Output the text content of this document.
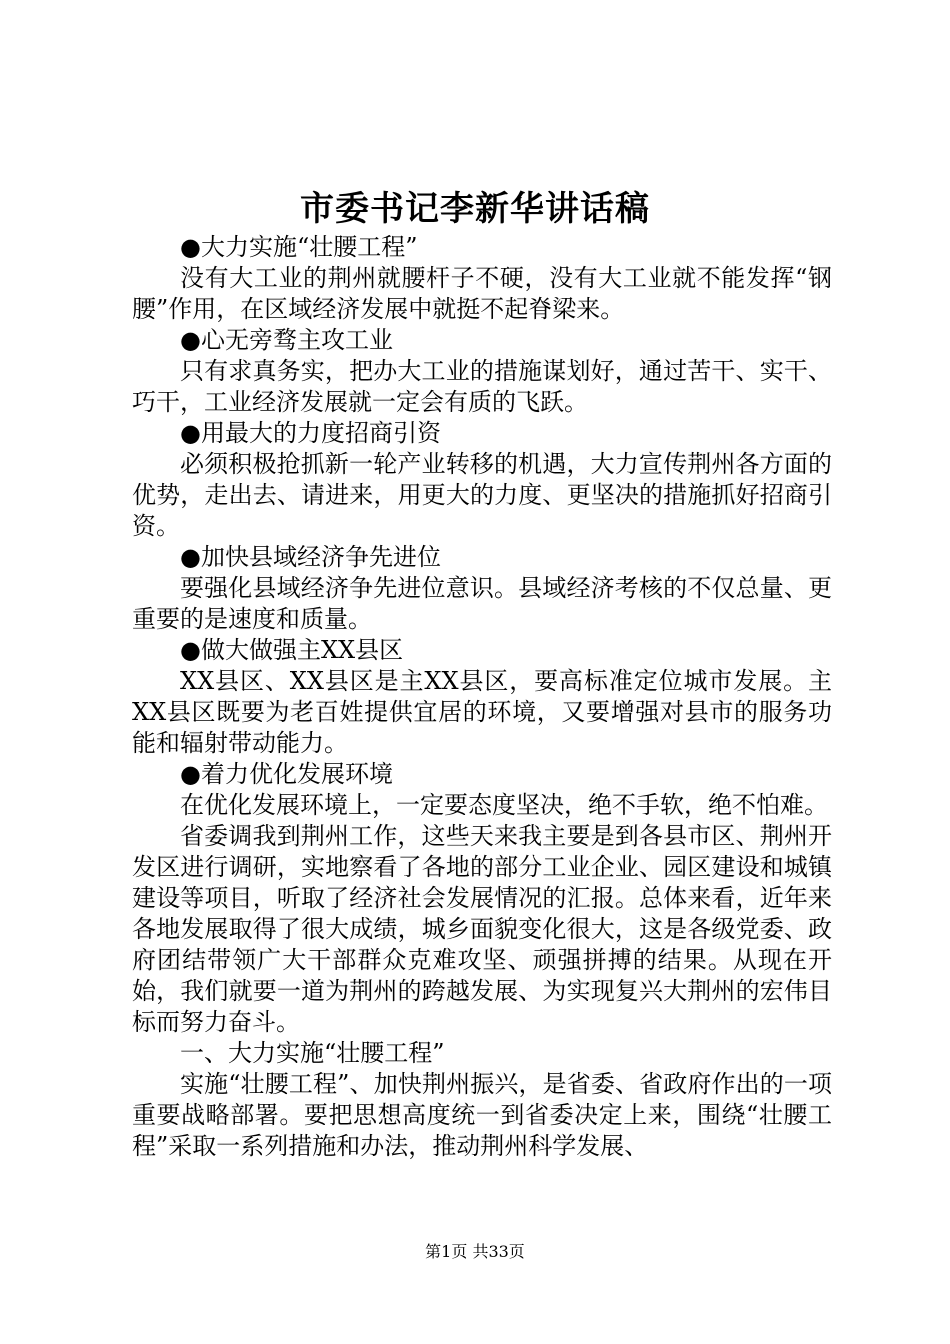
市委书记李新华讲话稿

●大力实施“壮腰工程”

没有大工业的荆州就腰杆子不硬，没有大工业就不能发挥“钢腰”作用，在区域经济发展中就挺不起脊梁来。

●心无旁骛主攻工业

只有求真务实，把办大工业的措施谋划好，通过苦干、实干、巧干，工业经济发展就一定会有质的飞跃。

●用最大的力度招商引资

必须积极抢抓新一轮产业转移的机遇，大力宣传荆州各方面的优势，走出去、请进来，用更大的力度、更坚决的措施抓好招商引资。

●加快县域经济争先进位

要强化县域经济争先进位意识。县域经济考核的不仅总量、更重要的是速度和质量。

●做大做强主XX县区

XX县区、XX县区是主XX县区，要高标准定位城市发展。主XX县区既要为老百姓提供宜居的环境，又要增强对县市的服务功能和辐射带动能力。

●着力优化发展环境

在优化发展环境上，一定要态度坚决，绝不手软，绝不怕难。

省委调我到荆州工作，这些天来我主要是到各县市区、荆州开发区进行调研，实地察看了各地的部分工业企业、园区建设和城镇建设等项目，听取了经济社会发展情况的汇报。总体来看，近年来各地发展取得了很大成绩，城乡面貌变化很大，这是各级党委、政府团结带领广大干部群众克难攻坚、顽强拼搏的结果。从现在开始，我们就要一道为荆州的跨越发展、为实现复兴大荆州的宏伟目标而努力奋斗。

一、大力实施“壮腰工程”

实施“壮腰工程”、加快荆州振兴，是省委、省政府作出的一项重要战略部署。要把思想高度统一到省委决定上来，围绕“壮腰工程”采取一系列措施和办法，推动荆州科学发展、

第1页 共33页
